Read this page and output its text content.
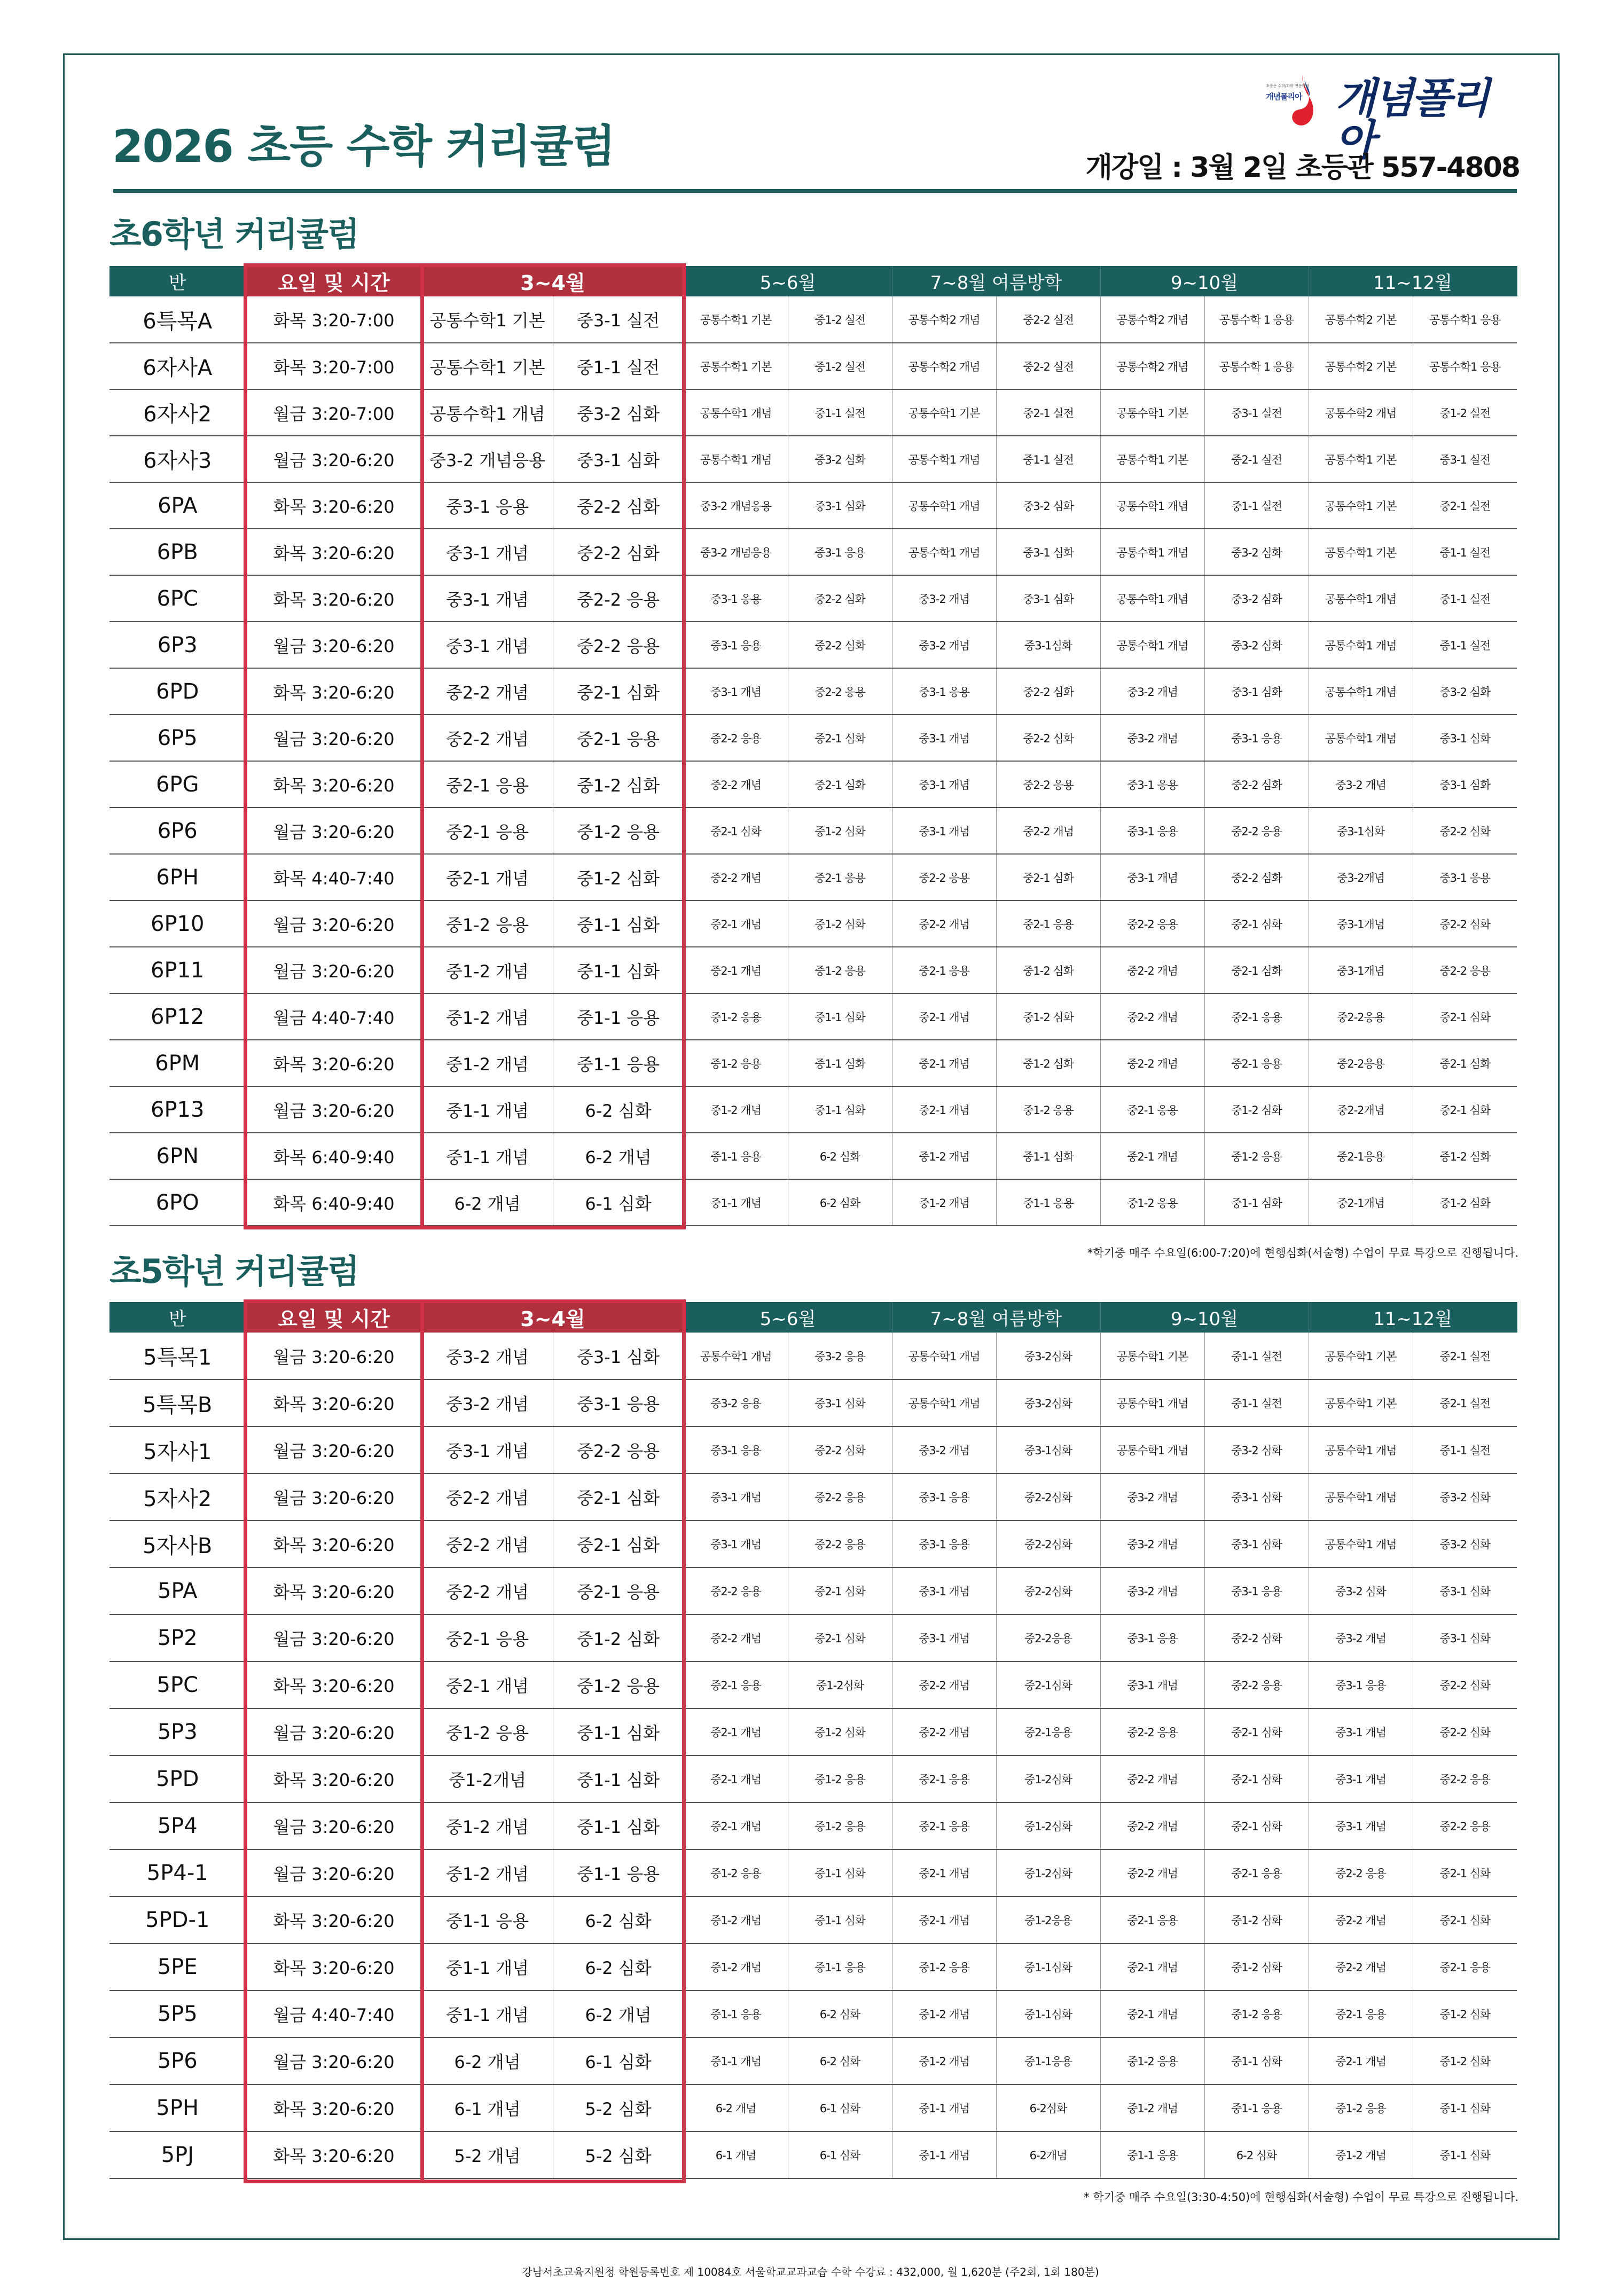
초중등 수학/과학 전문학원
개념폴리아 개념폴리아
2026 초등 수학 커리큘럼	개강일 : 3월 2일 초등관 557-4808
초6학년 커리큘럼
반	요일 및 시간	3~4월		5~6월		7~8월 여름방학		9~10월		11~12월	
6특목A	화목 3:20-7:00	공통수학1 기본	중3-1 실전	공통수학1 기본	중1-2 실전	공통수학2 개념	중2-2 실전	공통수학2 개념	공통수학 1 응용	공통수학2 기본	공통수학1 응용
6자사A	화목 3:20-7:00	공통수학1 기본	중1-1 실전	공통수학1 기본	중1-2 실전	공통수학2 개념	중2-2 실전	공통수학2 개념	공통수학 1 응용	공통수학2 기본	공통수학1 응용
6자사2	월금 3:20-7:00	공통수학1 개념	중3-2 심화	공통수학1 개념	중1-1 실전	공통수학1 기본	중2-1 실전	공통수학1 기본	중3-1 실전	공통수학2 개념	중1-2 실전
6자사3	월금 3:20-6:20	중3-2 개념응용	중3-1 심화	공통수학1 개념	중3-2 심화	공통수학1 개념	중1-1 실전	공통수학1 기본	중2-1 실전	공통수학1 기본	중3-1 실전
6PA	화목 3:20-6:20	중3-1 응용	중2-2 심화	중3-2 개념응용	중3-1 심화	공통수학1 개념	중3-2 심화	공통수학1 개념	중1-1 실전	공통수학1 기본	중2-1 실전
6PB	화목 3:20-6:20	중3-1 개념	중2-2 심화	중3-2 개념응용	중3-1 응용	공통수학1 개념	중3-1 심화	공통수학1 개념	중3-2 심화	공통수학1 기본	중1-1 실전
6PC	화목 3:20-6:20	중3-1 개념	중2-2 응용	중3-1 응용	중2-2 심화	중3-2 개념	중3-1 심화	공통수학1 개념	중3-2 심화	공통수학1 개념	중1-1 실전
6P3	월금 3:20-6:20	중3-1 개념	중2-2 응용	중3-1 응용	중2-2 심화	중3-2 개념	중3-1심화	공통수학1 개념	중3-2 심화	공통수학1 개념	중1-1 실전
6PD	화목 3:20-6:20	중2-2 개념	중2-1 심화	중3-1 개념	중2-2 응용	중3-1 응용	중2-2 심화	중3-2 개념	중3-1 심화	공통수학1 개념	중3-2 심화
6P5	월금 3:20-6:20	중2-2 개념	중2-1 응용	중2-2 응용	중2-1 심화	중3-1 개념	중2-2 심화	중3-2 개념	중3-1 응용	공통수학1 개념	중3-1 심화
6PG	화목 3:20-6:20	중2-1 응용	중1-2 심화	중2-2 개념	중2-1 심화	중3-1 개념	중2-2 응용	중3-1 응용	중2-2 심화	중3-2 개념	중3-1 심화
6P6	월금 3:20-6:20	중2-1 응용	중1-2 응용	중2-1 심화	중1-2 심화	중3-1 개념	중2-2 개념	중3-1 응용	중2-2 응용	중3-1심화	중2-2 심화
6PH	화목 4:40-7:40	중2-1 개념	중1-2 심화	중2-2 개념	중2-1 응용	중2-2 응용	중2-1 심화	중3-1 개념	중2-2 심화	중3-2개념	중3-1 응용
6P10	월금 3:20-6:20	중1-2 응용	중1-1 심화	중2-1 개념	중1-2 심화	중2-2 개념	중2-1 응용	중2-2 응용	중2-1 심화	중3-1개념	중2-2 심화
6P11	월금 3:20-6:20	중1-2 개념	중1-1 심화	중2-1 개념	중1-2 응용	중2-1 응용	중1-2 심화	중2-2 개념	중2-1 심화	중3-1개념	중2-2 응용
6P12	월금 4:40-7:40	중1-2 개념	중1-1 응용	중1-2 응용	중1-1 심화	중2-1 개념	중1-2 심화	중2-2 개념	중2-1 응용	중2-2응용	중2-1 심화
6PM	화목 3:20-6:20	중1-2 개념	중1-1 응용	중1-2 응용	중1-1 심화	중2-1 개념	중1-2 심화	중2-2 개념	중2-1 응용	중2-2응용	중2-1 심화
6P13	월금 3:20-6:20	중1-1 개념	6-2 심화	중1-2 개념	중1-1 심화	중2-1 개념	중1-2 응용	중2-1 응용	중1-2 심화	중2-2개념	중2-1 심화
6PN	화목 6:40-9:40	중1-1 개념	6-2 개념	중1-1 응용	6-2 심화	중1-2 개념	중1-1 심화	중2-1 개념	중1-2 응용	중2-1응용	중1-2 심화
6PO	화목 6:40-9:40	6-2 개념	6-1 심화	중1-1 개념	6-2 심화	중1-2 개념	중1-1 응용	중1-2 응용	중1-1 심화	중2-1개념	중1-2 심화
*학기중 매주 수요일(6:00-7:20)에 현행심화(서술형) 수업이 무료 특강으로 진행됩니다.
초5학년 커리큘럼
반	요일 및 시간	3~4월		5~6월		7~8월 여름방학		9~10월		11~12월	
5특목1	월금 3:20-6:20	중3-2 개념	중3-1 심화	공통수학1 개념	중3-2 응용	공통수학1 개념	중3-2심화	공통수학1 기본	중1-1 실전	공통수학1 기본	중2-1 실전
5특목B	화목 3:20-6:20	중3-2 개념	중3-1 응용	중3-2 응용	중3-1 심화	공통수학1 개념	중3-2심화	공통수학1 개념	중1-1 실전	공통수학1 기본	중2-1 실전
5자사1	월금 3:20-6:20	중3-1 개념	중2-2 응용	중3-1 응용	중2-2 심화	중3-2 개념	중3-1심화	공통수학1 개념	중3-2 심화	공통수학1 개념	중1-1 실전
5자사2	월금 3:20-6:20	중2-2 개념	중2-1 심화	중3-1 개념	중2-2 응용	중3-1 응용	중2-2심화	중3-2 개념	중3-1 심화	공통수학1 개념	중3-2 심화
5자사B	화목 3:20-6:20	중2-2 개념	중2-1 심화	중3-1 개념	중2-2 응용	중3-1 응용	중2-2심화	중3-2 개념	중3-1 심화	공통수학1 개념	중3-2 심화
5PA	화목 3:20-6:20	중2-2 개념	중2-1 응용	중2-2 응용	중2-1 심화	중3-1 개념	중2-2심화	중3-2 개념	중3-1 응용	중3-2 심화	중3-1 심화
5P2	월금 3:20-6:20	중2-1 응용	중1-2 심화	중2-2 개념	중2-1 심화	중3-1 개념	중2-2응용	중3-1 응용	중2-2 심화	중3-2 개념	중3-1 심화
5PC	화목 3:20-6:20	중2-1 개념	중1-2 응용	중2-1 응용	중1-2심화	중2-2 개념	중2-1심화	중3-1 개념	중2-2 응용	중3-1 응용	중2-2 심화
5P3	월금 3:20-6:20	중1-2 응용	중1-1 심화	중2-1 개념	중1-2 심화	중2-2 개념	중2-1응용	중2-2 응용	중2-1 심화	중3-1 개념	중2-2 심화
5PD	화목 3:20-6:20	중1-2개념	중1-1 심화	중2-1 개념	중1-2 응용	중2-1 응용	중1-2심화	중2-2 개념	중2-1 심화	중3-1 개념	중2-2 응용
5P4	월금 3:20-6:20	중1-2 개념	중1-1 심화	중2-1 개념	중1-2 응용	중2-1 응용	중1-2심화	중2-2 개념	중2-1 심화	중3-1 개념	중2-2 응용
5P4-1	월금 3:20-6:20	중1-2 개념	중1-1 응용	중1-2 응용	중1-1 심화	중2-1 개념	중1-2심화	중2-2 개념	중2-1 응용	중2-2 응용	중2-1 심화
5PD-1	화목 3:20-6:20	중1-1 응용	6-2 심화	중1-2 개념	중1-1 심화	중2-1 개념	중1-2응용	중2-1 응용	중1-2 심화	중2-2 개념	중2-1 심화
5PE	화목 3:20-6:20	중1-1 개념	6-2 심화	중1-2 개념	중1-1 응용	중1-2 응용	중1-1심화	중2-1 개념	중1-2 심화	중2-2 개념	중2-1 응용
5P5	월금 4:40-7:40	중1-1 개념	6-2 개념	중1-1 응용	6-2 심화	중1-2 개념	중1-1심화	중2-1 개념	중1-2 응용	중2-1 응용	중1-2 심화
5P6	월금 3:20-6:20	6-2 개념	6-1 심화	중1-1 개념	6-2 심화	중1-2 개념	중1-1응용	중1-2 응용	중1-1 심화	중2-1 개념	중1-2 심화
5PH	화목 3:20-6:20	6-1 개념	5-2 심화	6-2 개념	6-1 심화	중1-1 개념	6-2심화	중1-2 개념	중1-1 응용	중1-2 응용	중1-1 심화
5PJ	화목 3:20-6:20	5-2 개념	5-2 심화	6-1 개념	6-1 심화	중1-1 개념	6-2개념	중1-1 응용	6-2 심화	중1-2 개념	중1-1 심화
* 학기중 매주 수요일(3:30-4:50)에 현행심화(서술형) 수업이 무료 특강으로 진행됩니다.
강남서초교육지원청 학원등록번호 제 10084호 서울학교교과교습 수학 수강료 : 432,000, 월 1,620분 (주2회, 1회 180분)
